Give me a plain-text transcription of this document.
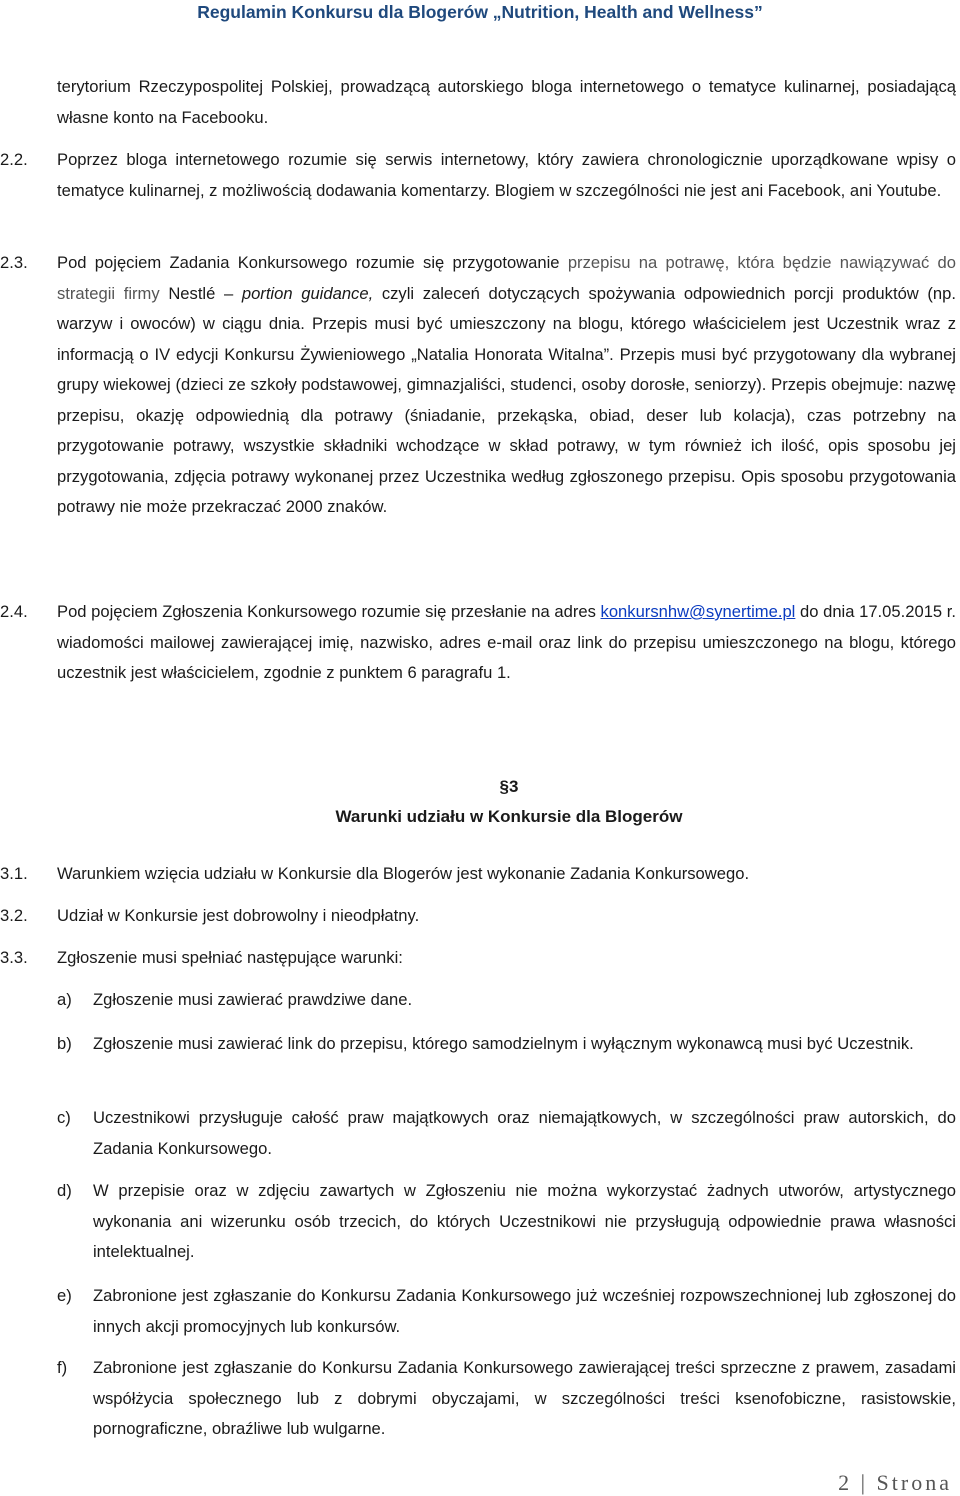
Regulamin Konkursu dla Blogerów „Nutrition, Health and Wellness”
terytorium Rzeczypospolitej Polskiej, prowadzącą autorskiego bloga internetowego o tematyce kulinarnej, posiadającą własne konto na Facebooku.
2.2.	Poprzez bloga internetowego rozumie się serwis internetowy, który zawiera chronologicznie uporządkowane wpisy o tematyce kulinarnej, z możliwością dodawania komentarzy. Blogiem w szczególności nie jest ani Facebook, ani Youtube.
2.3.	Pod pojęciem Zadania Konkursowego rozumie się przygotowanie przepisu na potrawę, która będzie nawiązywać do strategii firmy Nestlé – portion guidance, czyli zaleceń dotyczących spożywania odpowiednich porcji produktów (np. warzyw i owoców) w ciągu dnia. Przepis musi być umieszczony na blogu, którego właścicielem jest Uczestnik wraz z informacją o IV edycji Konkursu Żywieniowego „Natalia Honorata Witalna”. Przepis musi być przygotowany dla wybranej grupy wiekowej (dzieci ze szkoły podstawowej, gimnazjaliści, studenci, osoby dorosłe, seniorzy). Przepis obejmuje: nazwę przepisu, okazję odpowiednią dla potrawy (śniadanie, przekąska, obiad, deser lub kolacja), czas potrzebny na przygotowanie potrawy, wszystkie składniki wchodzące w skład potrawy, w tym również ich ilość, opis sposobu jej przygotowania, zdjęcia potrawy wykonanej przez Uczestnika według zgłoszonego przepisu. Opis sposobu przygotowania potrawy nie może przekraczać 2000 znaków.
2.4.	Pod pojęciem Zgłoszenia Konkursowego rozumie się przesłanie na adres konkursnhw@synertime.pl do dnia 17.05.2015 r. wiadomości mailowej zawierającej imię, nazwisko, adres e-mail oraz link do przepisu umieszczonego na blogu, którego uczestnik jest właścicielem, zgodnie z punktem 6 paragrafu 1.
§3
Warunki udziału w Konkursie dla Blogerów
3.1.	Warunkiem wzięcia udziału w Konkursie dla Blogerów jest wykonanie Zadania Konkursowego.
3.2.	Udział w Konkursie jest dobrowolny i nieodpłatny.
3.3.	Zgłoszenie musi spełniać następujące warunki:
a)	Zgłoszenie musi zawierać prawdziwe dane.
b)	Zgłoszenie musi zawierać link do przepisu, którego samodzielnym i wyłącznym wykonawcą musi być Uczestnik.
c)	Uczestnikowi przysługuje całość praw majątkowych oraz niemajątkowych, w szczególności praw autorskich, do Zadania Konkursowego.
d)	W przepisie oraz w zdjęciu zawartych w Zgłoszeniu nie można wykorzystać żadnych utworów, artystycznego wykonania ani wizerunku osób trzecich, do których Uczestnikowi nie przysługują odpowiednie prawa własności intelektualnej.
e)	Zabronione jest zgłaszanie do Konkursu Zadania Konkursowego już wcześniej rozpowszechnionej lub zgłoszonej do innych akcji promocyjnych lub konkursów.
f)	Zabronione jest zgłaszanie do Konkursu Zadania Konkursowego zawierającej treści sprzeczne z prawem, zasadami współżycia społecznego lub z dobrymi obyczajami, w szczególności treści ksenofobiczne, rasistowskie, pornograficzne, obraźliwe lub wulgarne.
2 | Strona
